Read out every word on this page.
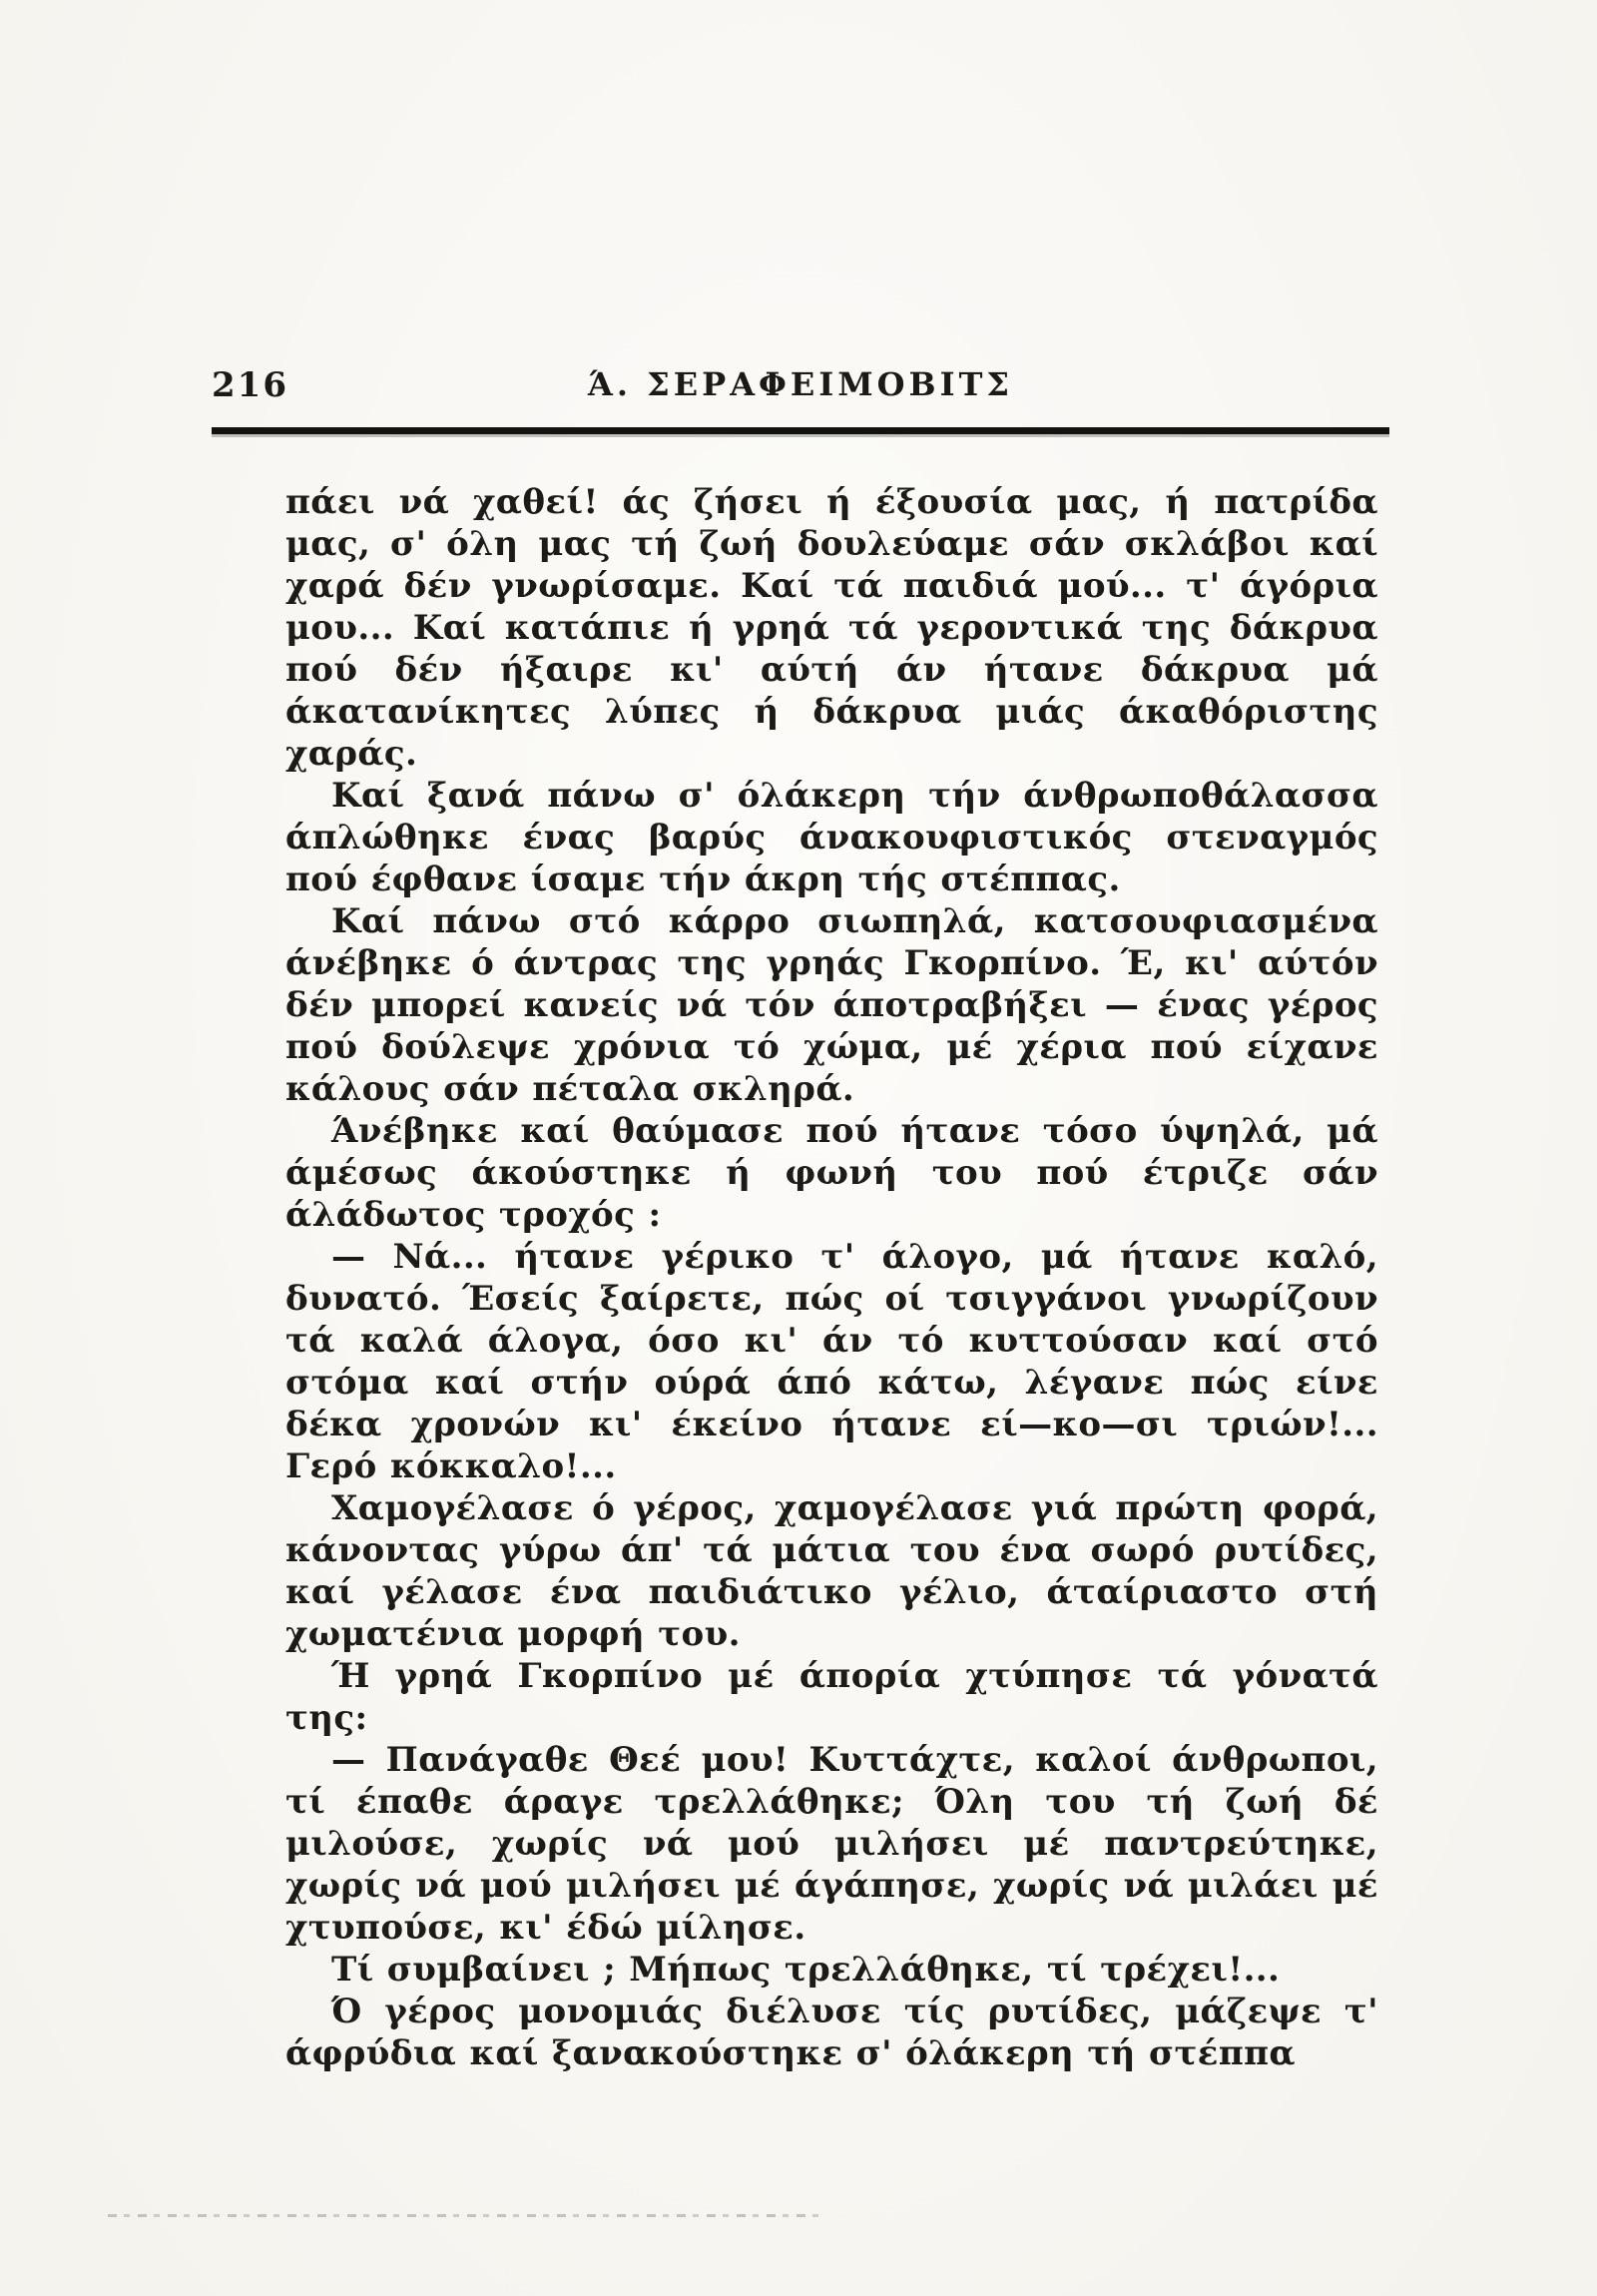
216	Ά. ΣΕΡΑΦΕΙΜΟΒΙΤΣ

πάει νά χαθεί! άς ζήσει ή έξουσία μας, ή πατρίδα μας, σ' όλη μας τή ζωή δουλεύαμε σάν σκλάβοι καί χαρά δέν γνωρίσαμε. Καί τά παιδιά μού... τ' άγόρια μου... Καί κατάπιε ή γρηά τά γεροντικά της δάκρυα πού δέν ήξαιρε κι' αύτή άν ήτανε δάκρυα μά άκατανίκητες λύπες ή δάκρυα μιάς άκαθόριστης χαράς.

Καί ξανά πάνω σ' όλάκερη τήν άνθρωποθάλασσα άπλώθηκε ένας βαρύς άνακουφιστικός στεναγμός πού έφθανε ίσαμε τήν άκρη τής στέππας.

Καί πάνω στό κάρρο σιωπηλά, κατσουφιασμένα άνέβηκε ό άντρας της γρηάς Γκορπίνο. Έ, κι' αύτόν δέν μπορεί κανείς νά τόν άποτραβήξει — ένας γέρος πού δούλεψε χρόνια τό χώμα, μέ χέρια πού είχανε κάλους σάν πέταλα σκληρά.

Άνέβηκε καί θαύμασε πού ήτανε τόσο ύψηλά, μά άμέσως άκούστηκε ή φωνή του πού έτριζε σάν άλάδωτος τροχός :

— Νά... ήτανε γέρικο τ' άλογο, μά ήτανε καλό, δυνατό. Έσείς ξαίρετε, πώς οί τσιγγάνοι γνωρίζουν τά καλά άλογα, όσο κι' άν τό κυττούσαν καί στό στόμα καί στήν ούρά άπό κάτω, λέγανε πώς είνε δέκα χρονών κι' έκείνο ήτανε εί—κο—σι τριών!... Γερό κόκκαλο!...

Χαμογέλασε ό γέρος, χαμογέλασε γιά πρώτη φορά, κάνοντας γύρω άπ' τά μάτια του ένα σωρό ρυτίδες, καί γέλασε ένα παιδιάτικο γέλιο, άταίριαστο στή χωματένια μορφή του.

Ή γρηά Γκορπίνο μέ άπορία χτύπησε τά γόνατά της:

— Πανάγαθε Θεέ μου! Κυττάχτε, καλοί άνθρωποι, τί έπαθε άραγε τρελλάθηκε; Όλη του τή ζωή δέ μιλούσε, χωρίς νά μού μιλήσει μέ παντρεύτηκε, χωρίς νά μού μιλήσει μέ άγάπησε, χωρίς νά μιλάει μέ χτυπούσε, κι' έδώ μίλησε.

Τί συμβαίνει ; Μήπως τρελλάθηκε, τί τρέχει!...

Ό γέρος μονομιάς διέλυσε τίς ρυτίδες, μάζεψε τ' άφρύδια καί ξανακούστηκε σ' όλάκερη τή στέππα
